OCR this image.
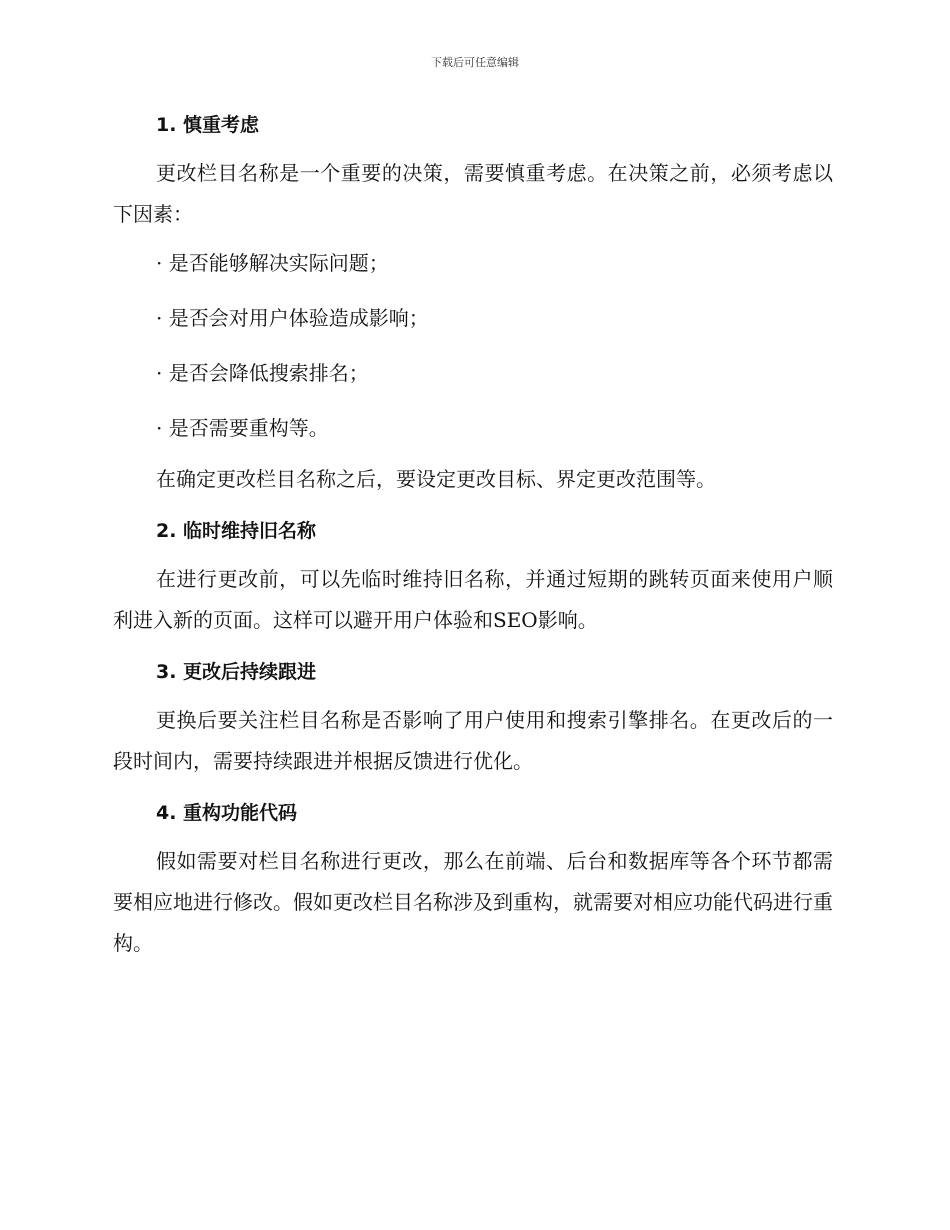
下载后可任意编辑
1. 慎重考虑

更改栏目名称是一个重要的决策，需要慎重考虑。在决策之前，必须考虑以下因素：

· 是否能够解决实际问题；

· 是否会对用户体验造成影响；

· 是否会降低搜索排名；

· 是否需要重构等。

在确定更改栏目名称之后，要设定更改目标、界定更改范围等。

2. 临时维持旧名称

在进行更改前，可以先临时维持旧名称，并通过短期的跳转页面来使用户顺利进入新的页面。这样可以避开用户体验和SEO影响。

3. 更改后持续跟进

更换后要关注栏目名称是否影响了用户使用和搜索引擎排名。在更改后的一段时间内，需要持续跟进并根据反馈进行优化。

4. 重构功能代码

假如需要对栏目名称进行更改，那么在前端、后台和数据库等各个环节都需要相应地进行修改。假如更改栏目名称涉及到重构，就需要对相应功能代码进行重构。
